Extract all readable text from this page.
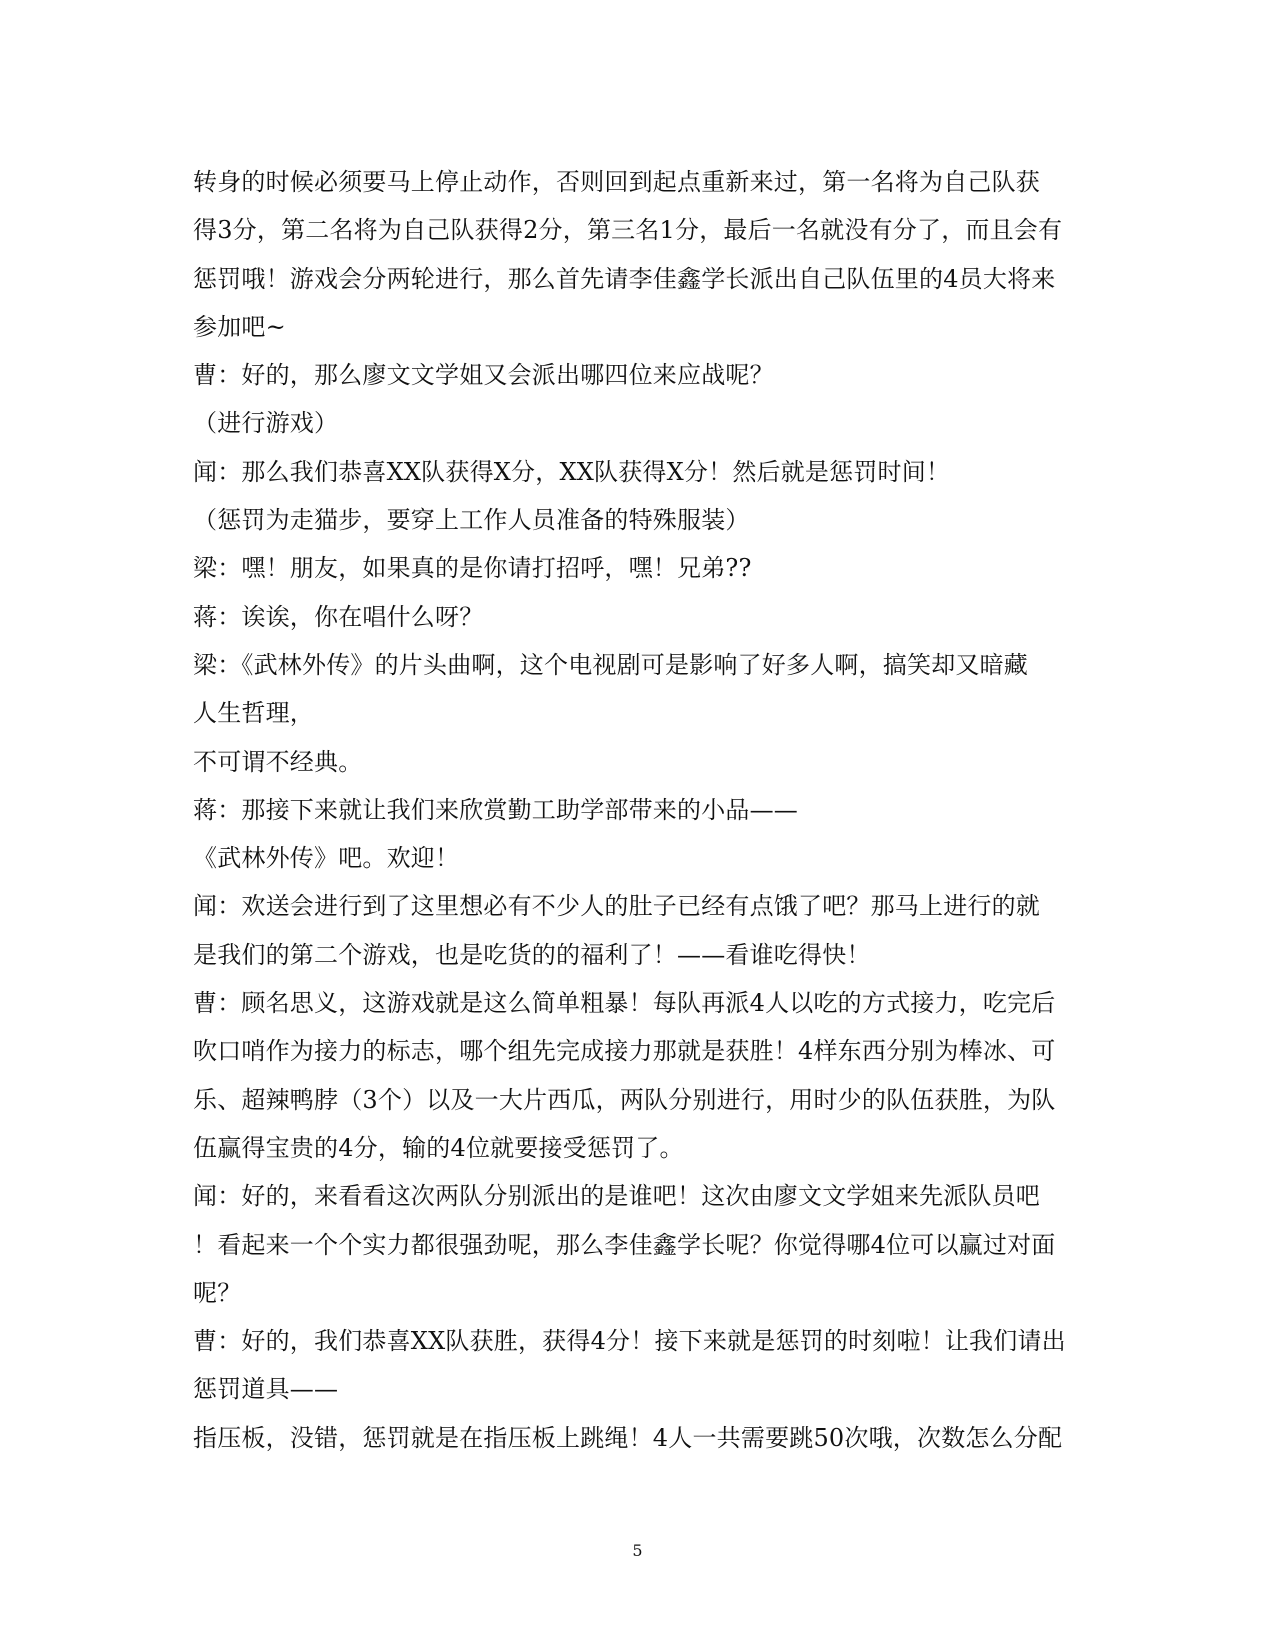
转身的时候必须要马上停止动作，否则回到起点重新来过，第一名将为自己队获
得3分，第二名将为自己队获得2分，第三名1分，最后一名就没有分了，而且会有
惩罚哦！游戏会分两轮进行，那么首先请李佳鑫学长派出自己队伍里的4员大将来
参加吧~
曹：好的，那么廖文文学姐又会派出哪四位来应战呢？
（进行游戏）
闻：那么我们恭喜XX队获得X分，XX队获得X分！然后就是惩罚时间！
（惩罚为走猫步，要穿上工作人员准备的特殊服装）
梁：嘿！朋友，如果真的是你请打招呼，嘿！兄弟??
蒋：诶诶，你在唱什么呀？
梁：《武林外传》的片头曲啊，这个电视剧可是影响了好多人啊，搞笑却又暗藏
人生哲理，
不可谓不经典。
蒋：那接下来就让我们来欣赏勤工助学部带来的小品——
《武林外传》吧。欢迎！
闻：欢送会进行到了这里想必有不少人的肚子已经有点饿了吧？那马上进行的就
是我们的第二个游戏，也是吃货的的福利了！——看谁吃得快！
曹：顾名思义，这游戏就是这么简单粗暴！每队再派4人以吃的方式接力，吃完后
吹口哨作为接力的标志，哪个组先完成接力那就是获胜！4样东西分别为棒冰、可
乐、超辣鸭脖（3个）以及一大片西瓜，两队分别进行，用时少的队伍获胜，为队
伍赢得宝贵的4分，输的4位就要接受惩罚了。
闻：好的，来看看这次两队分别派出的是谁吧！这次由廖文文学姐来先派队员吧
！看起来一个个实力都很强劲呢，那么李佳鑫学长呢？你觉得哪4位可以赢过对面
呢？
曹：好的，我们恭喜XX队获胜，获得4分！接下来就是惩罚的时刻啦！让我们请出
惩罚道具——
指压板，没错，惩罚就是在指压板上跳绳！4人一共需要跳50次哦，次数怎么分配
5
